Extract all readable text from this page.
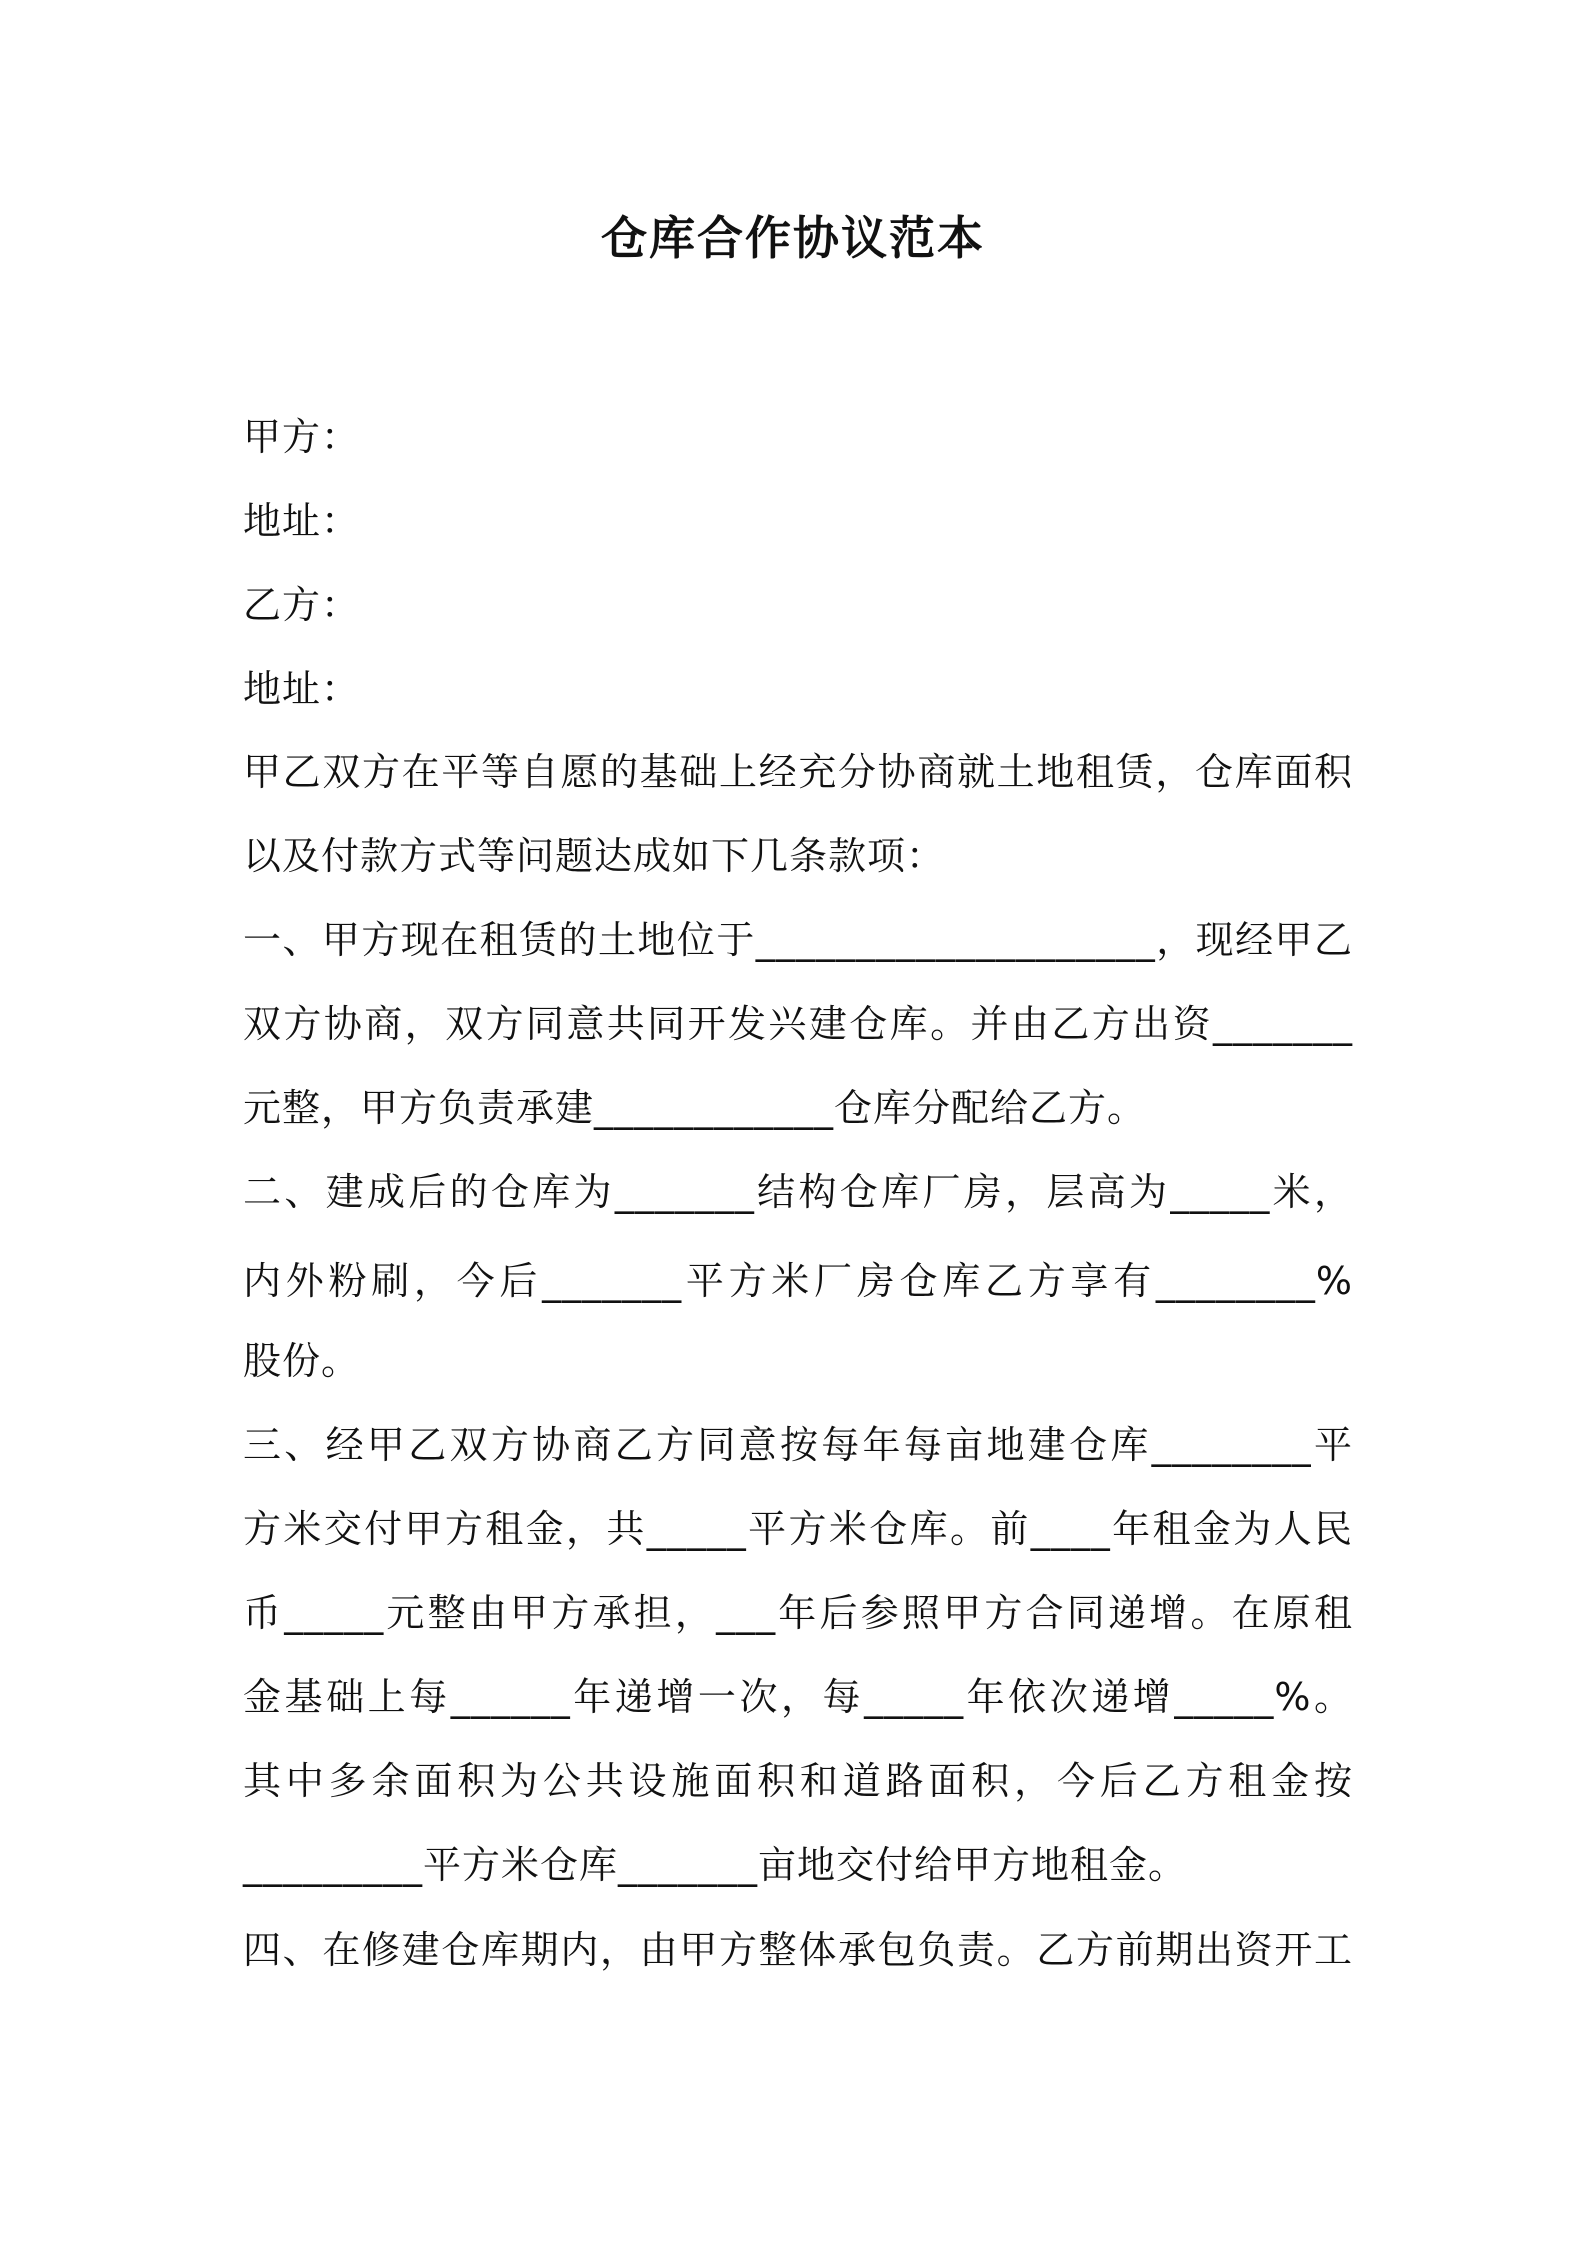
仓库合作协议范本
甲方：
地址：
乙方：
地址：
甲乙双方在平等自愿的基础上经充分协商就土地租赁，仓库面积
以及付款方式等问题达成如下几条款项：
一、甲方现在租赁的土地位于____________________，现经甲乙
双方协商，双方同意共同开发兴建仓库。并由乙方出资_______
元整，甲方负责承建____________仓库分配给乙方。
二、建成后的仓库为_______结构仓库厂房，层高为_____米，
内外粉刷，今后_______平方米厂房仓库乙方享有________%
股份。
三、经甲乙双方协商乙方同意按每年每亩地建仓库________平
方米交付甲方租金，共_____平方米仓库。前____年租金为人民
币_____元整由甲方承担，___年后参照甲方合同递增。在原租
金基础上每______年递增一次，每_____年依次递增_____%。
其中多余面积为公共设施面积和道路面积，今后乙方租金按
_________平方米仓库_______亩地交付给甲方地租金。
四、在修建仓库期内，由甲方整体承包负责。乙方前期出资开工
